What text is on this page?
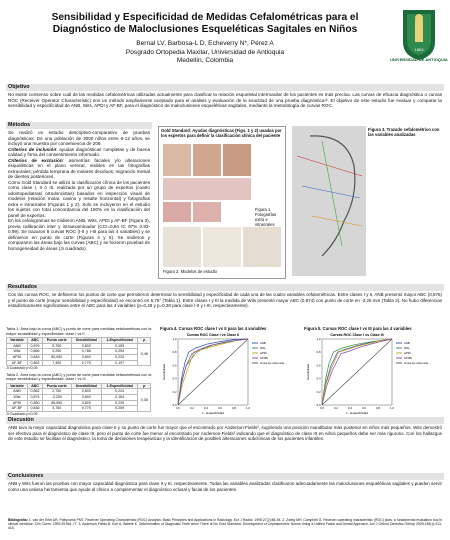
Sensibilidad y Especificidad de Medidas Cefalométricas para el
Diagnóstico de Maloclusiones Esqueléticas Sagitales en Niños
Bernal LV, Barbosa-L D, Echeverry N*, Pérez A
Posgrado Ortopedia Maxilar, Universidad de Antioquia
Medellín, Colombia
1803
UNIVERSIDAD DE ANTIOQUIA
Objetivo
No existe consenso sobre cuál de las medidas cefalométricas utilizadas actualmente para clasificar la relación esqueletal intermaxilar de los pacientes es más precisa. Las curvas de eficacia diagnóstica o curvas ROC (Receiver Operator Characteristic) son un método ampliamente aceptado para el análisis y evaluación de la exactitud de una prueba diagnóstica¹². El objetivo de este estudio fue evaluar y comparar la sensibilidad y especificidad de ANB, Wits, APDI y AF-BF, para el diagnóstico de maloclusiones esqueléticas sagitales, mediante la metodología de curvas ROC.
Métodos
Se realizó un estudio descriptivo-comparativo de pruebas diagnósticas. De una población de 3000 niños entre 6-12 años, se incluyó una muestra por conveniencia de 209.
Criterios de inclusión: ayudas diagnósticas completas y de buena calidad y firma del consentimiento informado.
Criterios de exclusión: asimetrías faciales y/o alteraciones esqueléticas en el plano vertical, visibles en las fotografías extraorales; pérdida temprana de molares deciduos; migración mesial de dientes posteriores.
Como Gold Standard se utilizó la clasificación clínica de los pacientes como clase I, II ó III, realizada por un grupo de expertos (cuatro odontopediatras/ ortodoncistas) basados en inspección visual de modelos (relación molar, canino y resalte horizontal) y fotografías extra e intraorales (Figuras 1 y 2). Solo se incluyeron en el estudio los sujetos con total concordancia del 100% en la clasificación del panel de expertos.
En los cefalogramas se midieron ANB, Wits, APDI y AF-BF (Figura 3), previa calibración inter y intraexaminador (CCI=0,84 IC 97% 0,93-0,99). Se trazaron 8 curvas ROC (I-II y I-III para las 4 variables) y se definieron en punto de corte (Figuras 4 y 5). Se midieron y compararon las áreas bajo las curvas (ABC) y se hicieron pruebas de homogeneidad de áreas (Ji cuadrado).
Gold Standard: Ayudas diagnósticas (Figs. 1 y 2) usadas por los expertos para definir la clasificación clínica del paciente
Figura 1. Fotografías extra e intraorales
Figura 2. Modelos de estudio
Figura 3. Trazado cefalométrico con las variables analizadas
Resultados
Con las curvas ROC, se definieron los puntos de corte que permitieron determinar la sensibilidad y especificidad de cada una de las cuatro variables cefalométricas. Entre clases I y II, ANB presentó mayor ABC (0,876) y el punto de corte (mayor sensibilidad y especificidad) se encontró en 5,75° (Tabla 1). Entre clases I y III la medida de Wits presentó mayor ABC (0,874) con punto de corte en -3,25 mm (Tabla 2). No hubo diferencias estadísticamente significativas entre el ABC para las 4 variables (p=0,48 y p=0,38 para clase I-II y I-III, respectivamente).
Tabla 1. Área bajo la curva (ABC) y punto de corte para medidas cefalométricas con la mayor sensibilidad y especificidad: clase I vs II
Variable	ABC	Punto corte	Sensibilidad	1-Especificidad	p
ANB	0,876	5,750	0,803	0,155	0,48
Wits	0,866	0,250	0,788	0,254	
APDI	0,845	80,050	0,803	0,225	
AF-BF	0,862	7,450	0,775	0,197	
Ji Cuadrado p<0,05
Tabla 2. Área bajo la curva (ABC) y punto de corte para medidas cefalométricas con la mayor sensibilidad y especificidad: clase I vs III
Variable	ABC	Punto corte	Sensibilidad	1-Especificidad	p
ANB	0,862	2,750	0,803	0,224	0,38
Wits	0,874	-3,250	0,803	0,164	
APDI	0,850	85,550	0,803	0,239	
AF-BF	0,836	3,750	0,775	0,269	
Ji Cuadrado p<0,05
Figura 4. Curvas ROC clase I vs II para las 4 variables
Curvas ROC Clase I vs Clase II
0,0
0,0
0,2
0,2
0,4
0,4
0,6
0,6
0,8
0,8
1,0
1,0
1 - Especificidad
Sensibilidad
ANB
Wits
APDI
AF-BF
Línea de referencia
Figura 5. Curvas ROC clase I vs III para las 4 variables
Curvas ROC Clase I vs Clase III
0,0
0,0
0,2
0,2
0,4
0,4
0,6
0,6
0,8
0,8
1,0
1,0
1 - Especificidad
Sensibilidad
ANB
Wits
APDI
AF-BF
Línea de referencia
Discusión
ANB tuvo la mejor capacidad diagnóstica para clase II y su punto de corte fue mayor que el encontrado por Anderson-Fields³, sugiriendo una posición mandibular más posterior en niños más pequeños. Wits demostró ser efectivo para el diagnóstico de clase III, pero el punto de corte fue menor al encontrado por Anderson-Fields³ indicando que el diagnóstico de clase III en niños pequeños debe ser más riguroso. Con los hallazgos de este estudio se facilitan el diagnóstico, la toma de decisiones terapéuticas y la identificación de posibles alteraciones subclínicas de los pacientes infantiles.
Conclusiones
ANB y Wits fueron las pruebas con mayor capacidad diagnóstica para clase II y III, respectivamente. Todas las variables analizadas clasificaron adecuadamente las maloclusiones esqueléticas sagitales y pueden servir como una valiosa herramienta que ayude al clínico a complementar el diagnóstico oclusal y facial de los pacientes.
Bibliografía: 1. van der Ertel AR, Pattynama PMT. Receiver Operating Characteristic (ROC) Analysis: Basic Principles and Applications in Radiology. Eur J Radiol. 1998;27(2):88-94. 2. Zweig MH, Campbell G. Receiver-operating characteristic (ROC) plots: a fundamental evaluation tool in clinical medicine. Clin Chem. 1993;39:561-77. 3. Anderson-Fields B, Koh A, Bekele E. Determination of Diagnostic Tests when There Is No Gold Standard. Development of Cephalometric Norms Using a Unified Facial and Dental Approach. Am J Orthod Dentofac Orthop 2009;135(1):413-416.
